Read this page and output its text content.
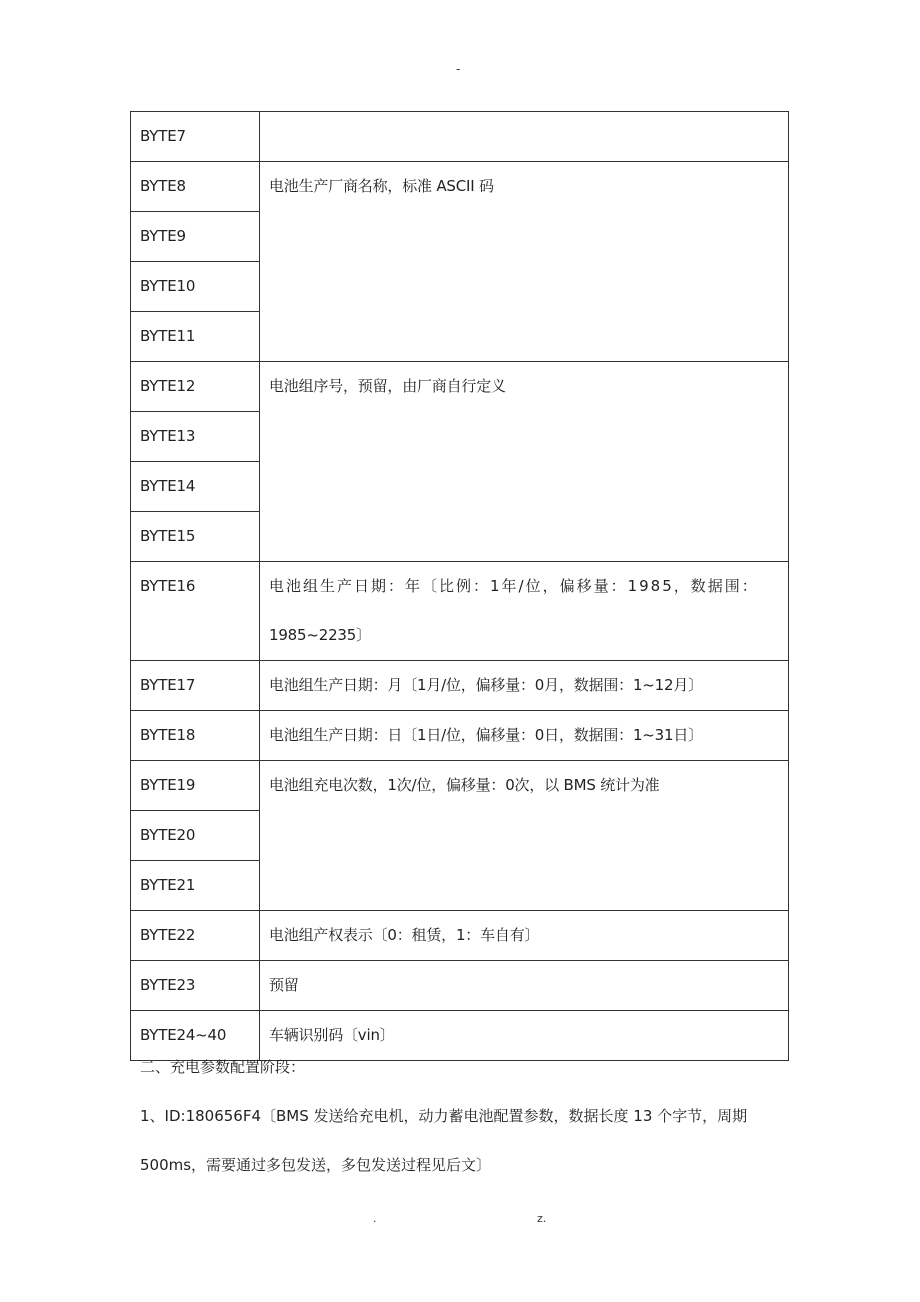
-
BYTE7	
BYTE8	电池生产厂商名称，标准 ASCII 码
BYTE9	
BYTE10	
BYTE11	
BYTE12	电池组序号，预留，由厂商自行定义
BYTE13	
BYTE14	
BYTE15	
BYTE16	电池组生产日期：年〔比例：1年/位，偏移量：1985，数据围：
1985~2235〕

BYTE17	电池组生产日期：月〔1月/位，偏移量：0月，数据围：1~12月〕
BYTE18	电池组生产日期：日〔1日/位，偏移量：0日，数据围：1~31日〕
BYTE19	电池组充电次数，1次/位，偏移量：0次，以 BMS 统计为准
BYTE20	
BYTE21	
BYTE22	电池组产权表示〔0：租赁，1：车自有〕
BYTE23	预留
BYTE24~40	车辆识别码〔vin〕
二、充电参数配置阶段：
1、ID:180656F4〔BMS 发送给充电机，动力蓄电池配置参数，数据长度 13 个字节，周期
500ms，需要通过多包发送，多包发送过程见后文〕
.	z.
